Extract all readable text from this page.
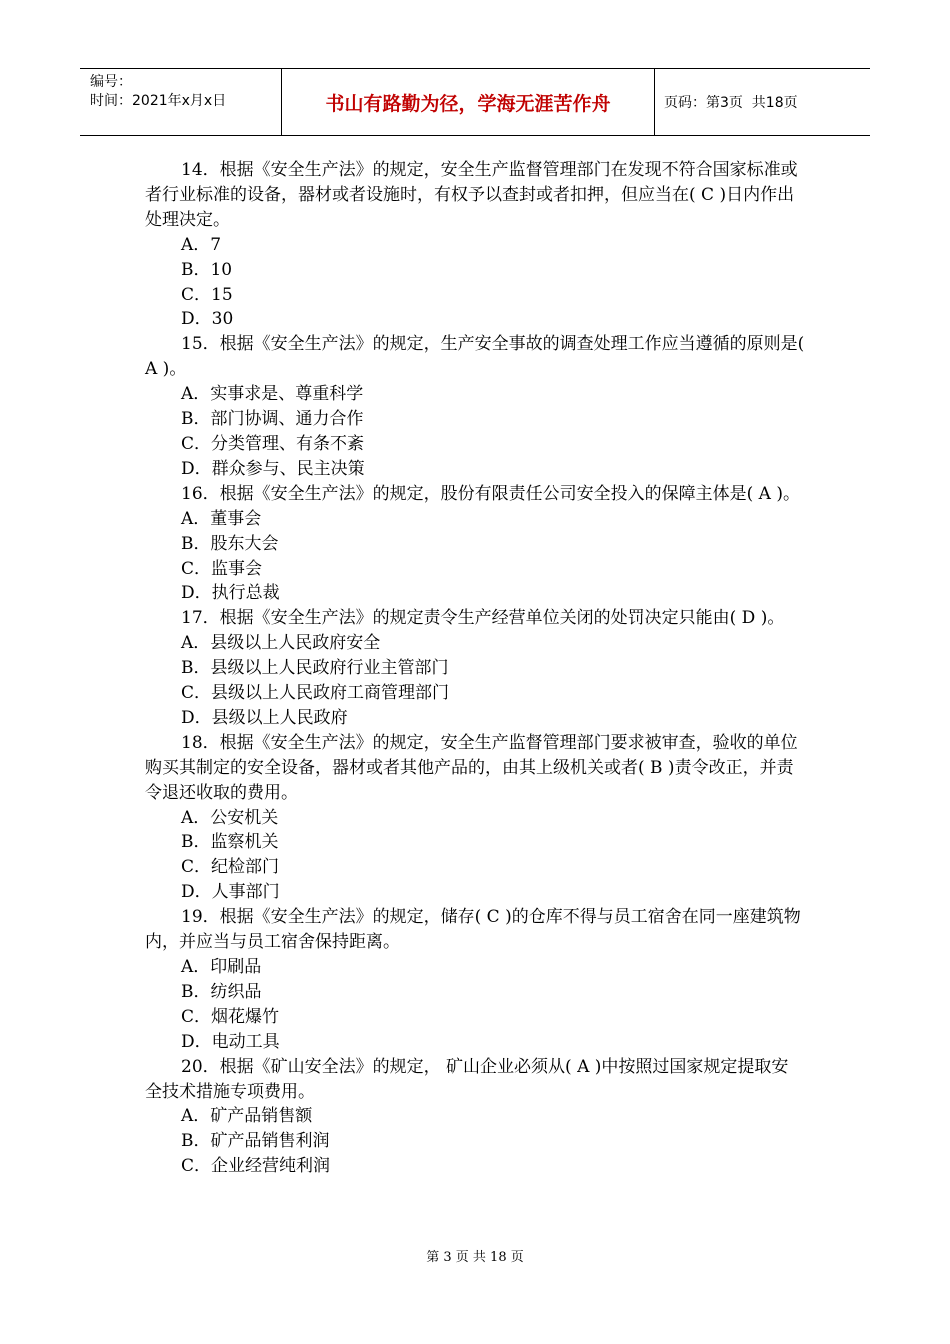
编号：
时间：2021年x月x日	书山有路勤为径，学海无涯苦作舟	页码：第3页  共18页

14．根据《安全生产法》的规定，安全生产监督管理部门在发现不符合国家标准或者行业标准的设备，器材或者设施时，有权予以查封或者扣押，但应当在( C )日内作出处理决定。

A．7

B．10

C．15

D．30

15．根据《安全生产法》的规定，生产安全事故的调查处理工作应当遵循的原则是( A )。

A．实事求是、尊重科学

B．部门协调、通力合作

C．分类管理、有条不紊

D．群众参与、民主决策

16．根据《安全生产法》的规定，股份有限责任公司安全投入的保障主体是( A )。

A．董事会

B．股东大会

C．监事会

D．执行总裁

17．根据《安全生产法》的规定责令生产经营单位关闭的处罚决定只能由( D )。

A．县级以上人民政府安全

B．县级以上人民政府行业主管部门

C．县级以上人民政府工商管理部门

D．县级以上人民政府

18．根据《安全生产法》的规定，安全生产监督管理部门要求被审查，验收的单位购买其制定的安全设备，器材或者其他产品的，由其上级机关或者( B )责令改正，并责令退还收取的费用。

A．公安机关

B．监察机关

C．纪检部门

D．人事部门

19．根据《安全生产法》的规定，储存( C )的仓库不得与员工宿舍在同一座建筑物内，并应当与员工宿舍保持距离。

A．印刷品

B．纺织品

C．烟花爆竹

D．电动工具

20．根据《矿山安全法》的规定， 矿山企业必须从( A )中按照过国家规定提取安全技术措施专项费用。

A．矿产品销售额

B．矿产品销售利润

C．企业经营纯利润

第 3 页 共 18 页
